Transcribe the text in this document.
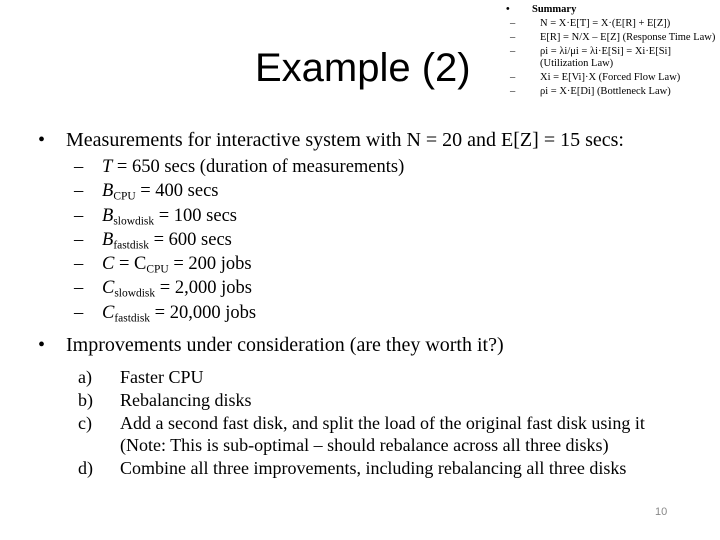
Example (2)
• Summary
– N = X·E[T] = X·(E[R] + E[Z])
– E[R] = N/X – E[Z] (Response Time Law)
– ρi = λi/μi = λi·E[Si] = Xi·E[Si] (Utilization Law)
– Xi = E[Vi]·X (Forced Flow Law)
– ρi = X·E[Di] (Bottleneck Law)
• Measurements for interactive system with N = 20 and E[Z] = 15 secs:
– T = 650 secs (duration of measurements)
– $B_{CPU} = 400$ secs
– $B_{slowdisk} = 100$ secs
– $B_{fastdisk} = 600$ secs
– $C = C_{CPU} = 200$ jobs
– $C_{slowdisk} = 2,000$ jobs
– $C_{fastdisk} = 20,000$ jobs
• Improvements under consideration (are they worth it?)
a) Faster CPU
b) Rebalancing disks
c) Add a second fast disk, and split the load of the original fast disk using it (Note: This is sub-optimal – should rebalance across all three disks)
d) Combine all three improvements, including rebalancing all three disks
10
